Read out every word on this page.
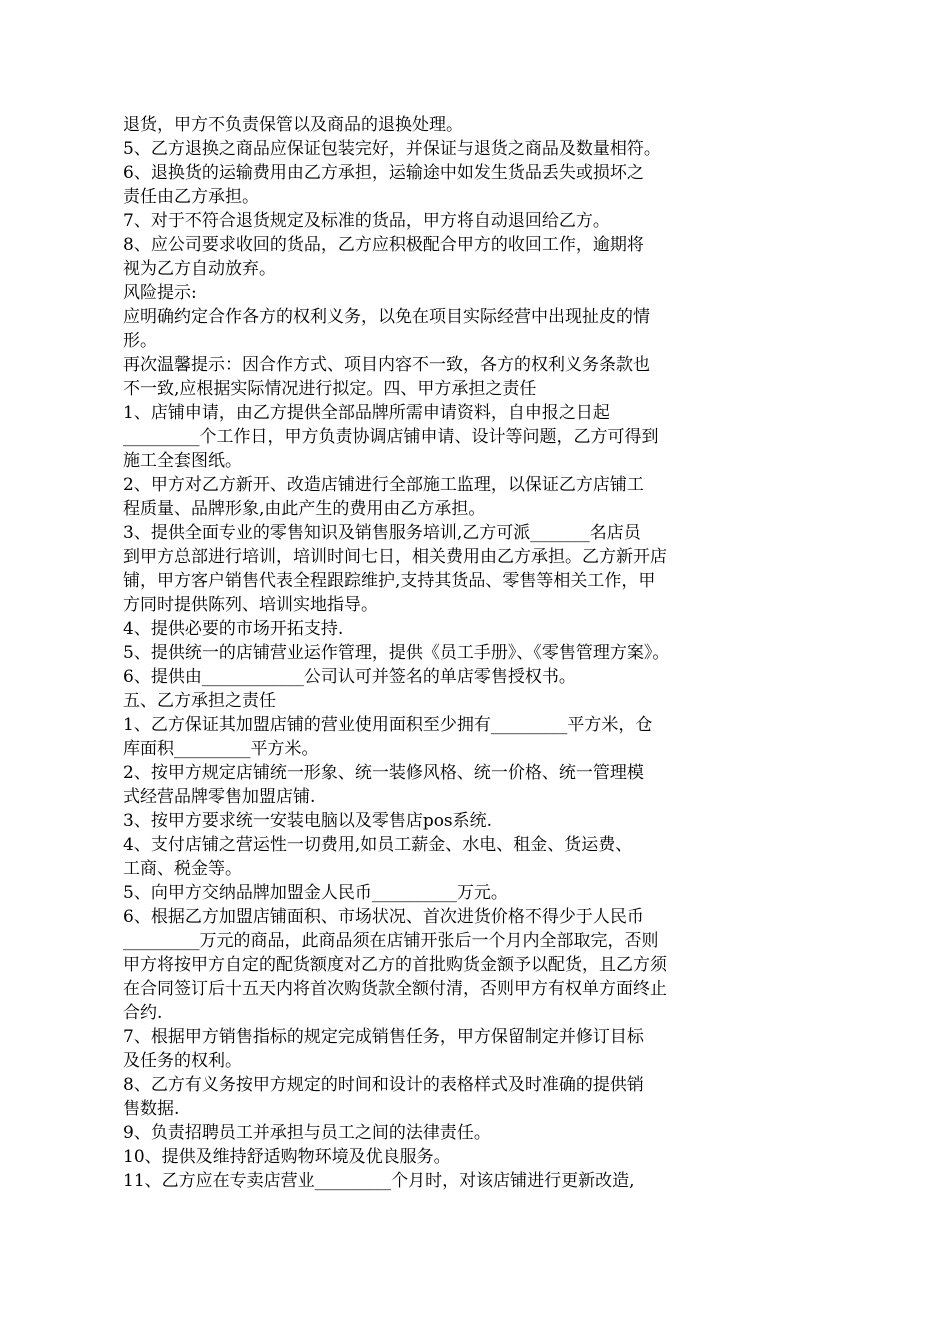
退货，甲方不负责保管以及商品的退换处理。
5、乙方退换之商品应保证包装完好，并保证与退货之商品及数量相符。
6、退换货的运输费用由乙方承担，运输途中如发生货品丢失或损坏之
责任由乙方承担。
7、对于不符合退货规定及标准的货品，甲方将自动退回给乙方。
8、应公司要求收回的货品，乙方应积极配合甲方的收回工作，逾期将
视为乙方自动放弃。
风险提示:
应明确约定合作各方的权利义务，以免在项目实际经营中出现扯皮的情
形。
再次温馨提示：因合作方式、项目内容不一致，各方的权利义务条款也
不一致,应根据实际情况进行拟定。四、甲方承担之责任
1、店铺申请，由乙方提供全部品牌所需申请资料，自申报之日起
_________个工作日，甲方负责协调店铺申请、设计等问题，乙方可得到
施工全套图纸。
2、甲方对乙方新开、改造店铺进行全部施工监理，以保证乙方店铺工
程质量、品牌形象,由此产生的费用由乙方承担。
3、提供全面专业的零售知识及销售服务培训,乙方可派_______名店员
到甲方总部进行培训，培训时间七日，相关费用由乙方承担。乙方新开店
铺，甲方客户销售代表全程跟踪维护,支持其货品、零售等相关工作，甲
方同时提供陈列、培训实地指导。
4、提供必要的市场开拓支持.
5、提供统一的店铺营业运作管理，提供《员工手册》、《零售管理方案》。
6、提供由____________公司认可并签名的单店零售授权书。
五、乙方承担之责任
1、乙方保证其加盟店铺的营业使用面积至少拥有_________平方米，仓
库面积_________平方米。
2、按甲方规定店铺统一形象、统一装修风格、统一价格、统一管理模
式经营品牌零售加盟店铺.
3、按甲方要求统一安装电脑以及零售店pos系统.
4、支付店铺之营运性一切费用,如员工薪金、水电、租金、货运费、
工商、税金等。
5、向甲方交纳品牌加盟金人民币__________万元。
6、根据乙方加盟店铺面积、市场状况、首次进货价格不得少于人民币
_________万元的商品，此商品须在店铺开张后一个月内全部取完，否则
甲方将按甲方自定的配货额度对乙方的首批购货金额予以配货，且乙方须
在合同签订后十五天内将首次购货款全额付清，否则甲方有权单方面终止
合约.
7、根据甲方销售指标的规定完成销售任务，甲方保留制定并修订目标
及任务的权利。
8、乙方有义务按甲方规定的时间和设计的表格样式及时准确的提供销
售数据.
9、负责招聘员工并承担与员工之间的法律责任。
10、提供及维持舒适购物环境及优良服务。
11、乙方应在专卖店营业_________个月时，对该店铺进行更新改造,
